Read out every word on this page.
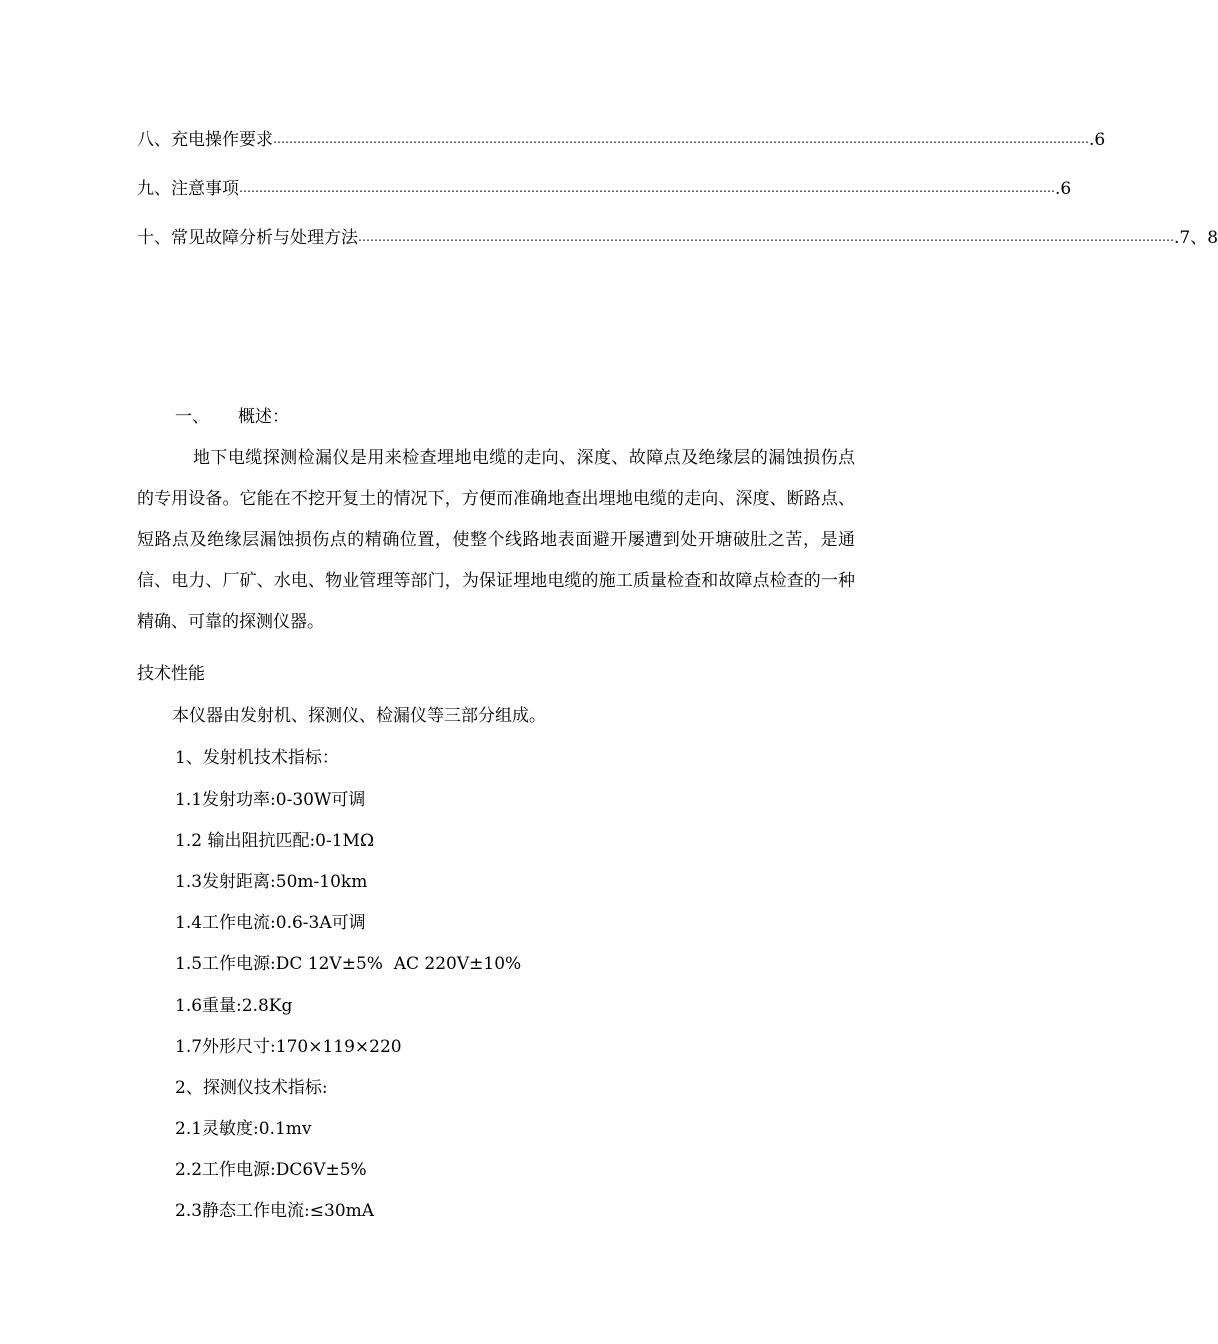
八、充电操作要求 …………………………………………………………………………………………………………………………………………………………………………………… .6
九、注意事项 …………………………………………………………………………………………………………………………………………………………………………………… .6
十、常见故障分析与处理方法 …………………………………………………………………………………………………………………………………………………………………………………… .7、8
一、 概述：
地下电缆探测检漏仪是用来检查埋地电缆的走向、深度、故障点及绝缘层的漏蚀损伤点的专用设备。它能在不挖开复土的情况下，方便而准确地查出埋地电缆的走向、深度、断路点、短路点及绝缘层漏蚀损伤点的精确位置，使整个线路地表面避开屡遭到处开塘破肚之苦，是通信、电力、厂矿、水电、物业管理等部门，为保证埋地电缆的施工质量检查和故障点检查的一种精确、可靠的探测仪器。
技术性能
本仪器由发射机、探测仪、检漏仪等三部分组成。
1、发射机技术指标：
1.1发射功率:0-30W可调
1.2 输出阻抗匹配:0-1MΩ
1.3发射距离:50m-10km
1.4工作电流:0.6-3A可调
1.5工作电源:DC 12V±5%  AC 220V±10%
1.6重量:2.8Kg
1.7外形尺寸:170×119×220
2、探测仪技术指标:
2.1灵敏度:0.1mv
2.2工作电源:DC6V±5%
2.3静态工作电流:≤30mA
